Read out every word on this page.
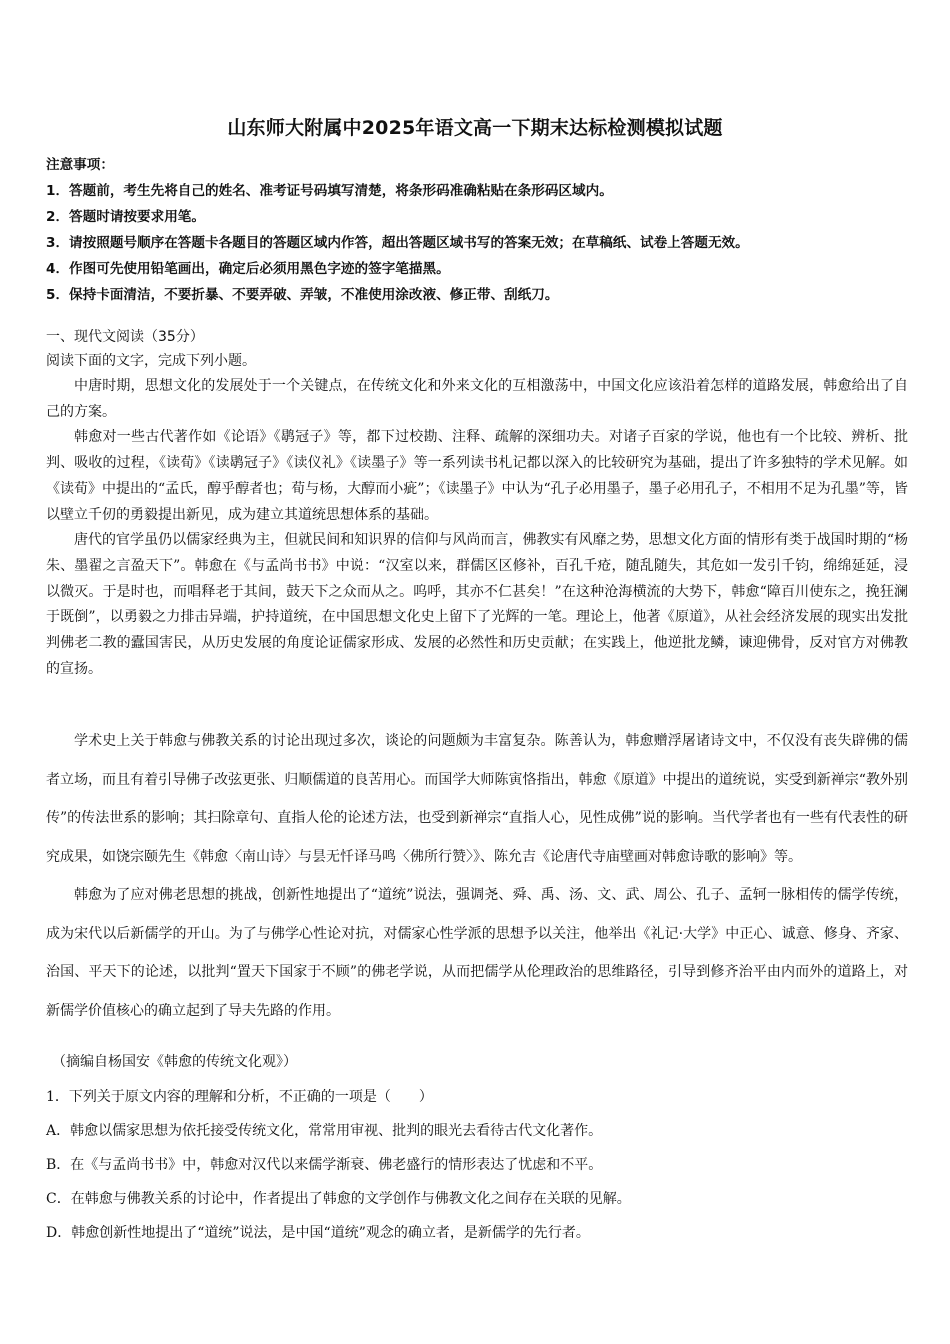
山东师大附属中2025年语文高一下期末达标检测模拟试题
注意事项：
1．答题前，考生先将自己的姓名、准考证号码填写清楚，将条形码准确粘贴在条形码区域内。
2．答题时请按要求用笔。
3．请按照题号顺序在答题卡各题目的答题区域内作答，超出答题区域书写的答案无效；在草稿纸、试卷上答题无效。
4．作图可先使用铅笔画出，确定后必须用黑色字迹的签字笔描黑。
5．保持卡面清洁，不要折暴、不要弄破、弄皱，不准使用涂改液、修正带、刮纸刀。
一、现代文阅读（35分）
阅读下面的文字，完成下列小题。

中唐时期，思想文化的发展处于一个关键点，在传统文化和外来文化的互相激荡中，中国文化应该沿着怎样的道路发展，韩愈给出了自己的方案。

韩愈对一些古代著作如《论语》《鹖冠子》等，都下过校勘、注释、疏解的深细功夫。对诸子百家的学说，他也有一个比较、辨析、批判、吸收的过程，《读荀》《读鹖冠子》《读仪礼》《读墨子》等一系列读书札记都以深入的比较研究为基础，提出了许多独特的学术见解。如《读荀》中提出的“孟氏，醇乎醇者也；荀与杨，大醇而小疵”；《读墨子》中认为“孔子必用墨子，墨子必用孔子，不相用不足为孔墨”等，皆以壁立千仞的勇毅提出新见，成为建立其道统思想体系的基础。

唐代的官学虽仍以儒家经典为主，但就民间和知识界的信仰与风尚而言，佛教实有风靡之势，思想文化方面的情形有类于战国时期的“杨朱、墨翟之言盈天下”。韩愈在《与孟尚书书》中说：“汉室以来，群儒区区修补，百孔千疮，随乱随失，其危如一发引千钧，绵绵延延，浸以微灭。于是时也，而唱释老于其间，鼓天下之众而从之。呜呼，其亦不仁甚矣！”在这种沧海横流的大势下，韩愈“障百川使东之，挽狂澜于既倒”，以勇毅之力排击异端，护持道统，在中国思想文化史上留下了光辉的一笔。理论上，他著《原道》，从社会经济发展的现实出发批判佛老二教的蠹国害民，从历史发展的角度论证儒家形成、发展的必然性和历史贡献；在实践上，他逆批龙鳞，谏迎佛骨，反对官方对佛教的宣扬。

学术史上关于韩愈与佛教关系的讨论出现过多次，谈论的问题颇为丰富复杂。陈善认为，韩愈赠浮屠诸诗文中，不仅没有丧失辟佛的儒者立场，而且有着引导佛子改弦更张、归顺儒道的良苦用心。而国学大师陈寅恪指出，韩愈《原道》中提出的道统说，实受到新禅宗“教外别传”的传法世系的影响；其扫除章句、直指人伦的论述方法，也受到新禅宗“直指人心，见性成佛”说的影响。当代学者也有一些有代表性的研究成果，如饶宗颐先生《韩愈〈南山诗〉与昙无忏译马鸣〈佛所行赞〉》、陈允吉《论唐代寺庙壁画对韩愈诗歌的影响》等。

韩愈为了应对佛老思想的挑战，创新性地提出了“道统”说法，强调尧、舜、禹、汤、文、武、周公、孔子、孟轲一脉相传的儒学传统，成为宋代以后新儒学的开山。为了与佛学心性论对抗，对儒家心性学派的思想予以关注，他举出《礼记·大学》中正心、诚意、修身、齐家、治国、平天下的论述，以批判“置天下国家于不顾”的佛老学说，从而把儒学从伦理政治的思维路径，引导到修齐治平由内而外的道路上，对新儒学价值核心的确立起到了导夫先路的作用。

（摘编自杨国安《韩愈的传统文化观》）
1．下列关于原文内容的理解和分析，不正确的一项是（　　）
A．韩愈以儒家思想为依托接受传统文化，常常用审视、批判的眼光去看待古代文化著作。
B．在《与孟尚书书》中，韩愈对汉代以来儒学渐衰、佛老盛行的情形表达了忧虑和不平。
C．在韩愈与佛教关系的讨论中，作者提出了韩愈的文学创作与佛教文化之间存在关联的见解。
D．韩愈创新性地提出了“道统”说法，是中国“道统”观念的确立者，是新儒学的先行者。
